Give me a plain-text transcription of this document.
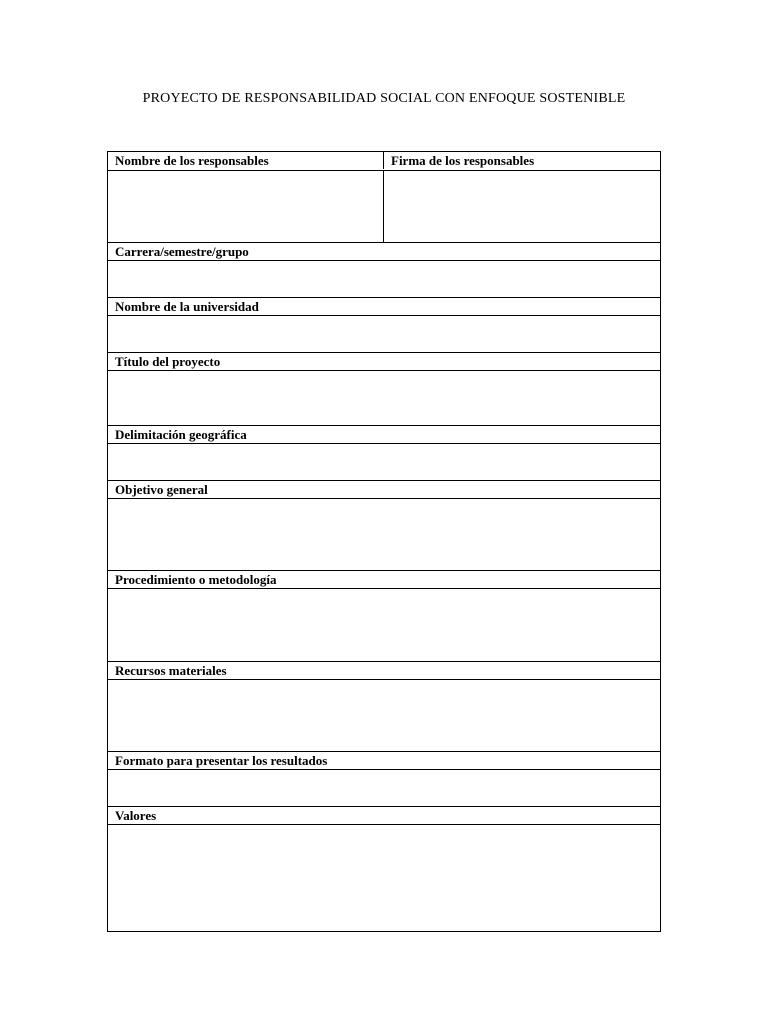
PROYECTO DE RESPONSABILIDAD SOCIAL CON ENFOQUE SOSTENIBLE
Nombre de los responsables	Firma de los responsables
Carrera/semestre/grupo
Nombre de la universidad
Título del proyecto
Delimitación geográfica
Objetivo general
Procedimiento o metodología
Recursos materiales
Formato para presentar los resultados
Valores
